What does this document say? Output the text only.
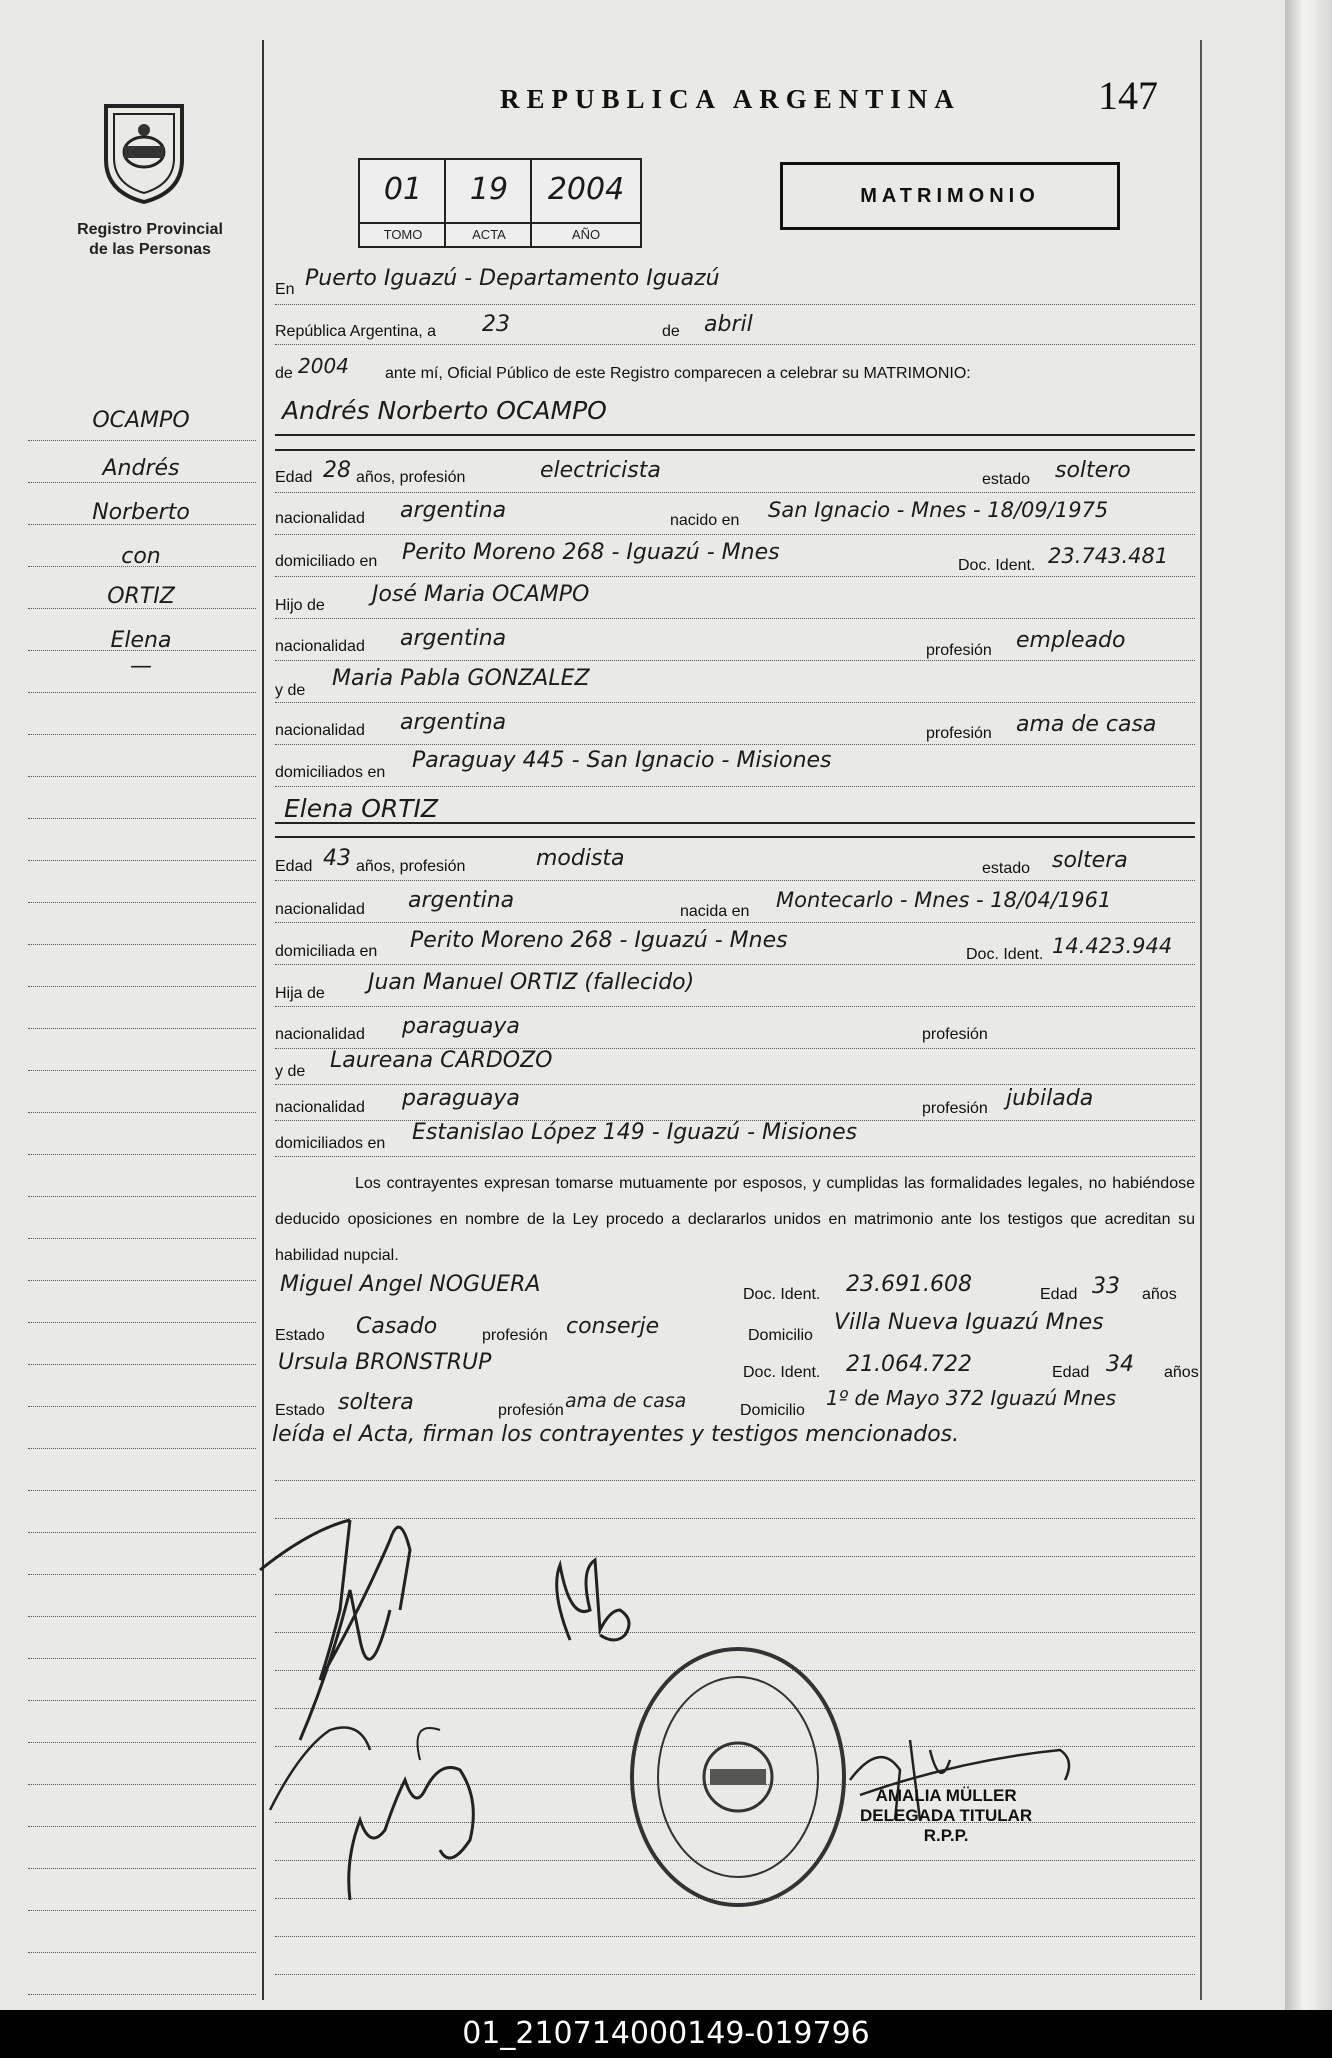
Registro Provincial
de las Personas
REPUBLICA ARGENTINA	147
01
TOMO
19
ACTA
2004
AÑO
MATRIMONIO
OCAMPO
Andrés
Norberto
con
ORTIZ
Elena
—
En Puerto Iguazú - Departamento Iguazú
República Argentina, a 23	de abril
de 2004 ante mí, Oficial Público de este Registro comparecen a celebrar su MATRIMONIO:
Andrés Norberto OCAMPO
Edad 28 años, profesión	electricista	estado soltero
nacionalidad argentina	nacido en San Ignacio - Mnes - 18/09/1975
domiciliado en Perito Moreno 268 - Iguazú - Mnes
Doc. Ident. 23.743.481
Hijo de José Maria OCAMPO
nacionalidad argentina	profesión empleado
y de Maria Pabla GONZALEZ
nacionalidad argentina	profesión ama de casa
domiciliados en Paraguay 445 - San Ignacio - Misiones
Elena ORTIZ
Edad 43 años, profesión	modista	estado soltera
nacionalidad argentina	nacida en Montecarlo - Mnes - 18/04/1961
domiciliada en Perito Moreno 268 - Iguazú - Mnes
Doc. Ident. 14.423.944
Hija de Juan Manuel ORTIZ (fallecido)
nacionalidad paraguaya	profesión
y de Laureana CARDOZO
nacionalidad paraguaya	profesión jubilada
domiciliados en Estanislao López 149 - Iguazú - Misiones
Los contrayentes expresan tomarse mutuamente por esposos, y cumplidas las formalidades legales, no habiéndose deducido oposiciones en nombre de la Ley procedo a declararlos unidos en matrimonio ante los testigos que acreditan su habilidad nupcial.
Miguel Angel NOGUERA	Doc. Ident. 23.691.608	Edad 33 años
Estado Casado	profesión conserje	Domicilio
Villa Nueva Iguazú Mnes
Ursula BRONSTRUP	Doc. Ident. 21.064.722	Edad 34 años
Estado soltera	profesión ama de casa	Domicilio
1º de Mayo 372 Iguazú Mnes
leída el Acta, firman los contrayentes y testigos mencionados.
AMALIA MÜLLER
DELEGADA TITULAR
R.P.P.
01_210714000149-019796
